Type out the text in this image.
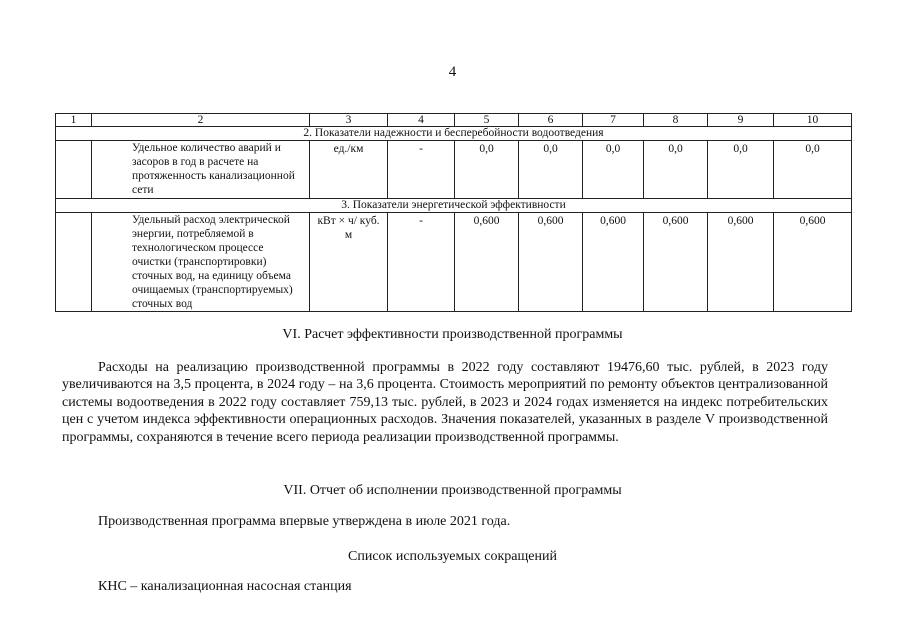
4
1	2	3	4	5	6	7	8	9	10
2. Показатели надежности и бесперебойности водоотведения									
	Удельное количество аварий и засоров в год в расчете на протяженность канализационной сети	ед./км	-	0,0	0,0	0,0	0,0	0,0	0,0
3. Показатели энергетической эффективности									
	Удельный расход электрической энергии, потребляемой в технологическом процессе очистки (транспортировки) сточных вод, на единицу объема очищаемых (транспортируемых) сточных вод	кВт × ч/ куб. м	-	0,600	0,600	0,600	0,600	0,600	0,600
VI. Расчет эффективности производственной программы
Расходы на реализацию производственной программы в 2022 году составляют 19476,60 тыс. рублей, в 2023 году увеличиваются на 3,5 процента, в 2024 году – на 3,6 процента. Стоимость мероприятий по ремонту объектов централизованной системы водоотведения в 2022 году составляет 759,13 тыс. рублей, в 2023 и 2024 годах изменяется на индекс потребительских цен с учетом индекса эффективности операционных расходов. Значения показателей, указанных в разделе V производственной программы, сохраняются в течение всего периода реализации производственной программы.
VII. Отчет об исполнении производственной программы
Производственная программа впервые утверждена в июле 2021 года.
Список используемых сокращений
КНС – канализационная насосная станция
